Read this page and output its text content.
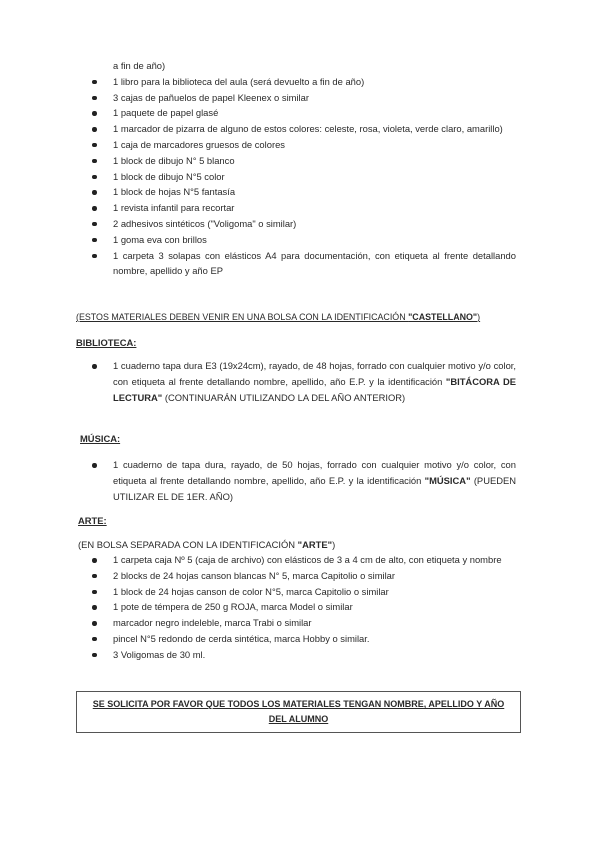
a fin de año)
1 libro para la biblioteca del aula (será devuelto a fin de año)
3 cajas de pañuelos de papel Kleenex o similar
1 paquete de papel glasé
1 marcador de pizarra de alguno de estos colores: celeste, rosa, violeta, verde claro, amarillo)
1 caja de marcadores gruesos de colores
1 block de dibujo N° 5 blanco
1 block de dibujo N°5 color
1 block de hojas N°5 fantasía
1 revista infantil para recortar
2 adhesivos sintéticos ("Voligoma" o similar)
1 goma eva con brillos
1 carpeta 3 solapas con elásticos A4 para documentación, con etiqueta al frente detallando nombre, apellido y año EP
(ESTOS MATERIALES DEBEN VENIR EN UNA BOLSA CON LA IDENTIFICACIÓN "CASTELLANO")
BIBLIOTECA:
1 cuaderno tapa dura E3 (19x24cm), rayado, de 48 hojas, forrado con cualquier motivo y/o color, con etiqueta al frente detallando nombre, apellido, año E.P. y la identificación "BITÁCORA DE LECTURA" (CONTINUARÁN UTILIZANDO LA DEL AÑO ANTERIOR)
MÚSICA:
1 cuaderno de tapa dura, rayado, de 50 hojas, forrado con cualquier motivo y/o color, con etiqueta al frente detallando nombre, apellido, año E.P. y la identificación "MÚSICA" (PUEDEN UTILIZAR EL DE 1ER. AÑO)
ARTE:
(EN BOLSA SEPARADA CON LA IDENTIFICACIÓN "ARTE")
1 carpeta caja Nº 5 (caja de archivo) con elásticos de 3 a 4 cm de alto, con etiqueta y nombre
2 blocks de 24 hojas canson blancas N° 5, marca Capitolio o similar
1 block de 24 hojas canson de color N°5, marca Capitolio o similar
1 pote de témpera de 250 g ROJA, marca Model o similar
marcador negro indeleble, marca Trabi o similar
pincel N°5 redondo de cerda sintética, marca Hobby o similar.
3 Voligomas de 30 ml.
SE SOLICITA POR FAVOR QUE TODOS LOS MATERIALES TENGAN NOMBRE, APELLIDO Y AÑO
DEL ALUMNO
